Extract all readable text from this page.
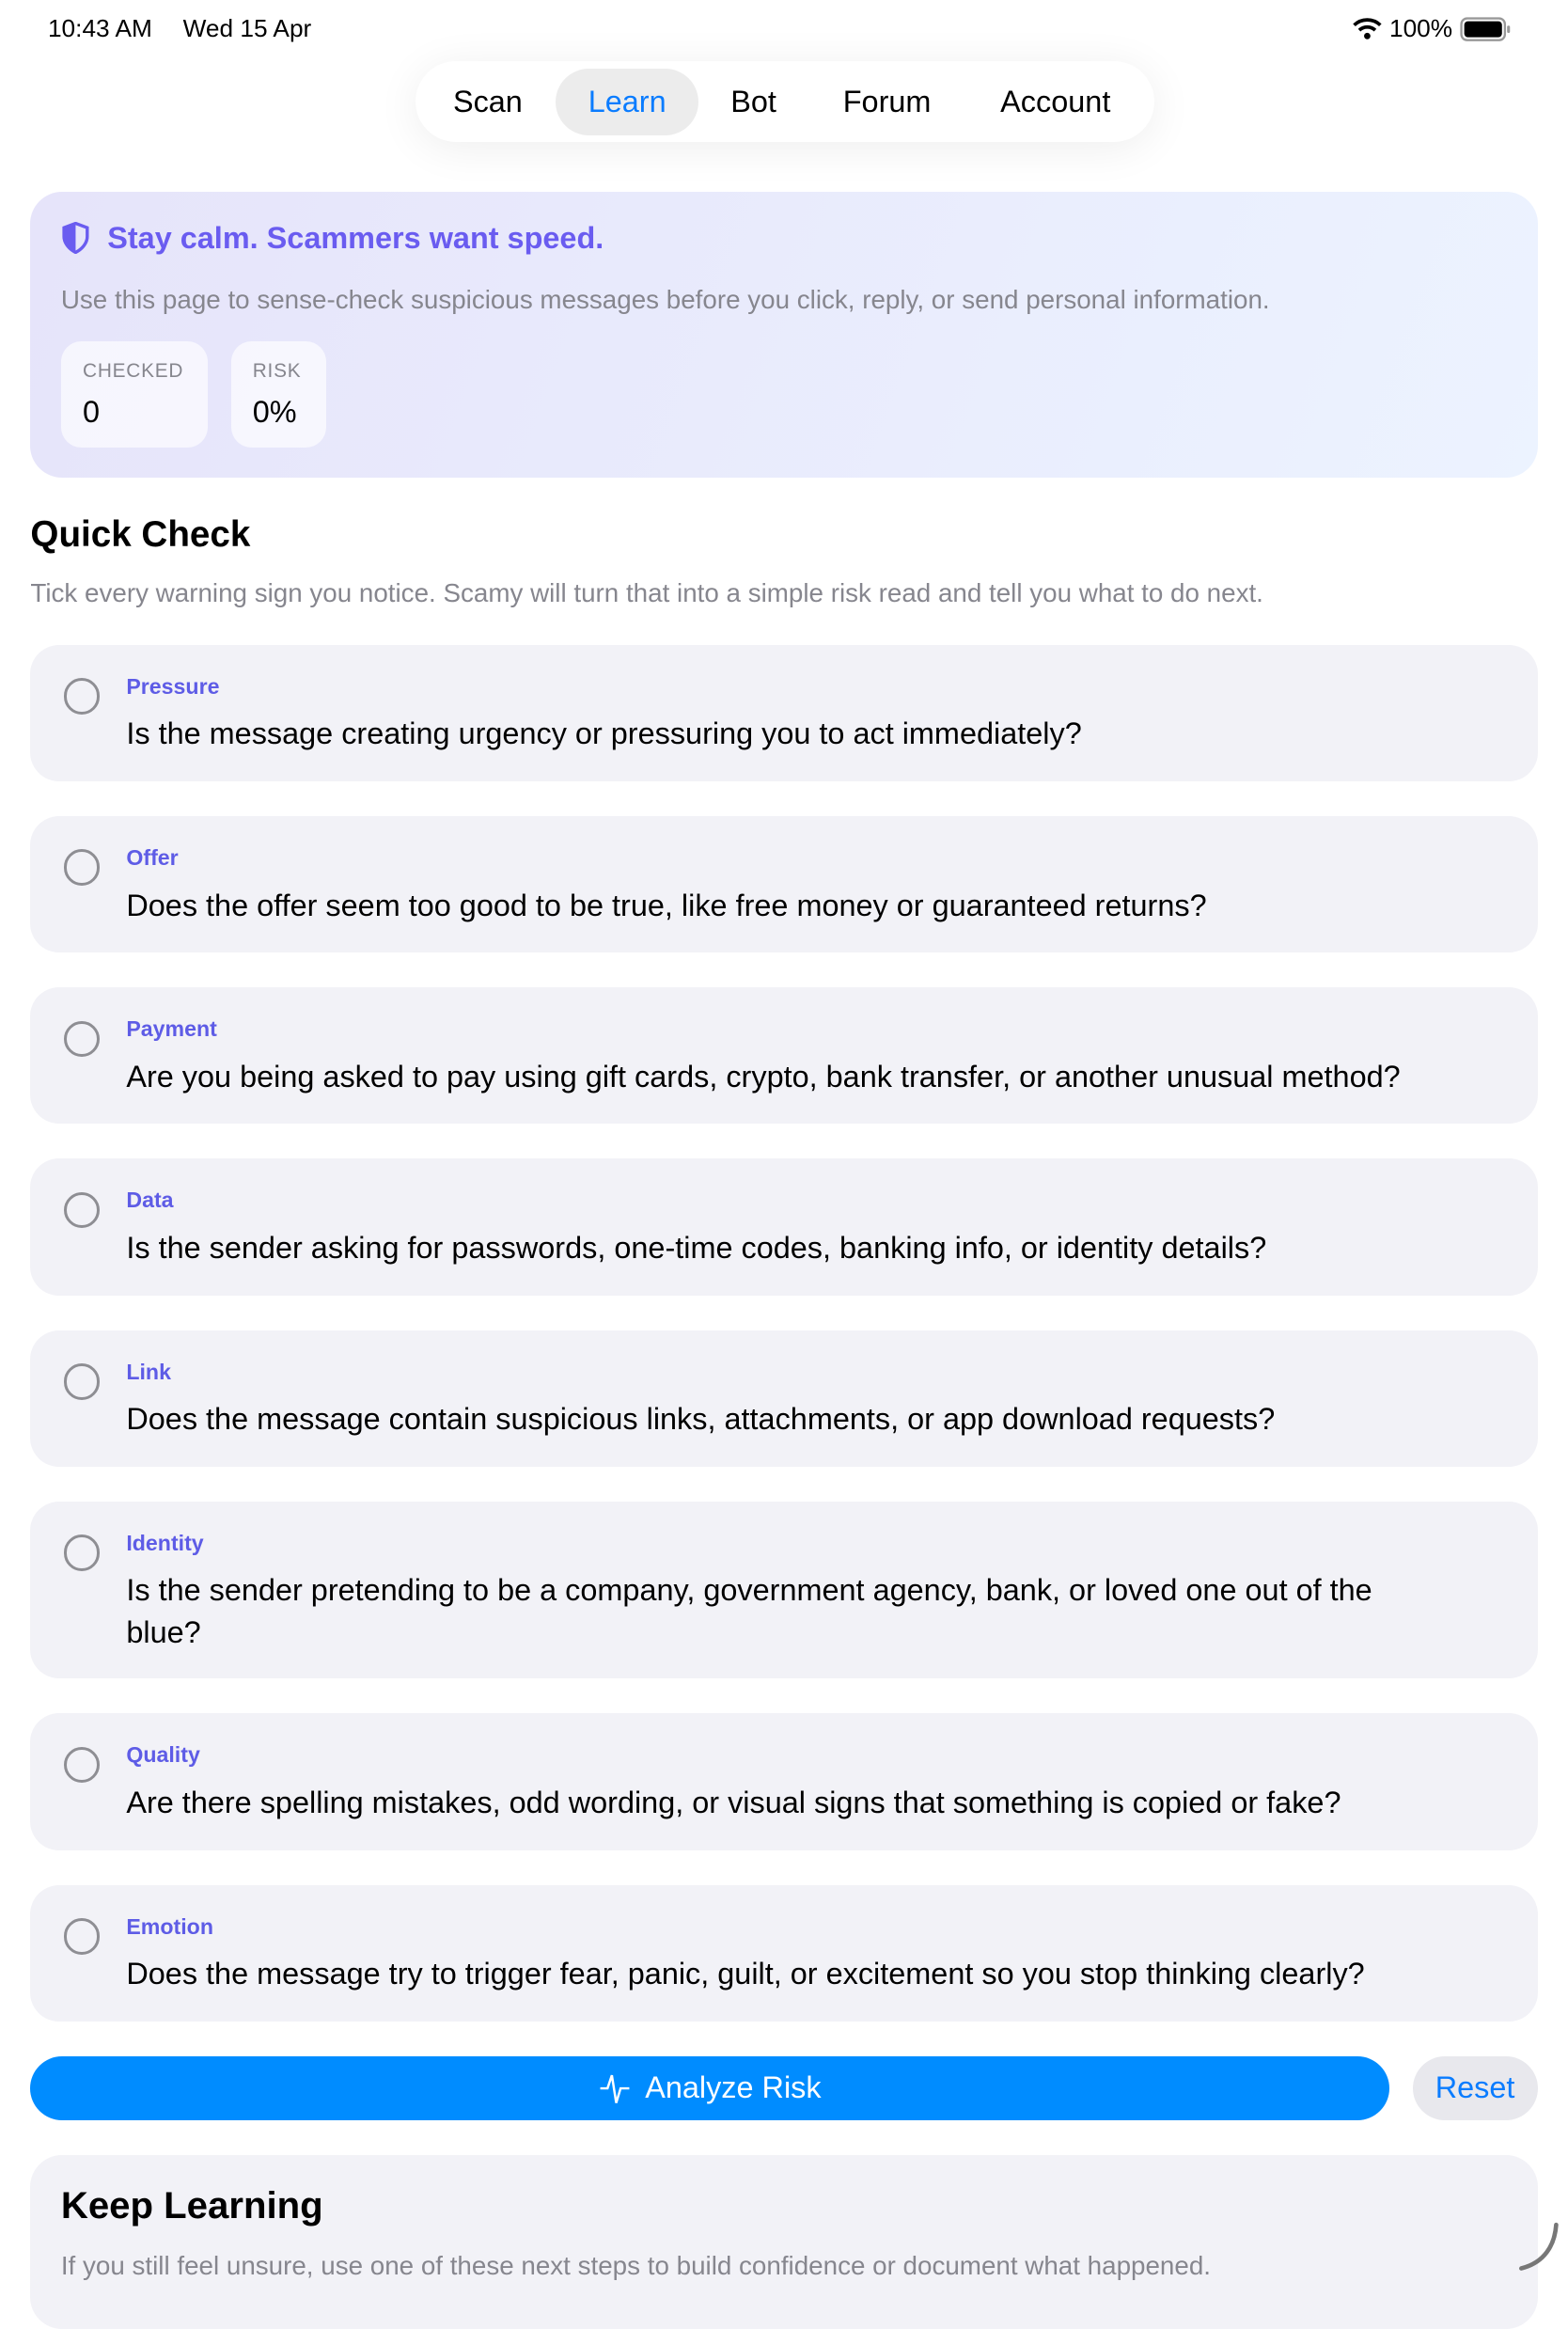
10:43 AM Wed 15 Apr	100%
Scan	Learn	Bot	Forum	Account
Stay calm. Scammers want speed.
Use this page to sense-check suspicious messages before you click, reply, or send personal information.
CHECKED
0
RISK
0%
Quick Check
Tick every warning sign you notice. Scamy will turn that into a simple risk read and tell you what to do next.
Pressure
Is the message creating urgency or pressuring you to act immediately?
Offer
Does the offer seem too good to be true, like free money or guaranteed returns?
Payment
Are you being asked to pay using gift cards, crypto, bank transfer, or another unusual method?
Data
Is the sender asking for passwords, one-time codes, banking info, or identity details?
Link
Does the message contain suspicious links, attachments, or app download requests?
Identity
Is the sender pretending to be a company, government agency, bank, or loved one out of the blue?
Quality
Are there spelling mistakes, odd wording, or visual signs that something is copied or fake?
Emotion
Does the message try to trigger fear, panic, guilt, or excitement so you stop thinking clearly?
Analyze Risk	Reset
Keep Learning
If you still feel unsure, use one of these next steps to build confidence or document what happened.
